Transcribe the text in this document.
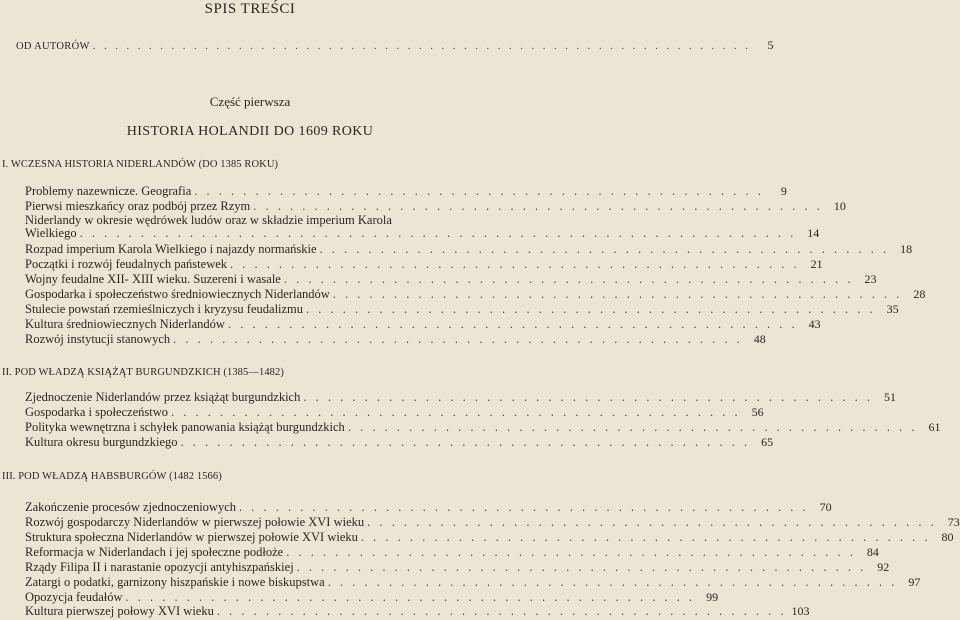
SPIS TREŚCI
OD AUTORÓW . . . . . . . . . . . . . . . . . . . . . . . . . . . . . . . . . . . . . . . . . . . . . . . . . . . . . . . . . . .	5
Część pierwsza
HISTORIA HOLANDII DO 1609 ROKU
I. WCZESNA HISTORIA NIDERLANDÓW (DO 1385 ROKU)
Problemy nazewnicze. Geografia . . . . . . . . . . . . . . . . . . . . . . . . . . . . . . . . . . . . . . . . . . . . . . .	9
Pierwsi mieszkańcy oraz podbój przez Rzym . . . . . . . . . . . . . . . . . . . . . . . . . . . . . . . . . . . . . . . . . . . . . . . 10
Niderlandy w okresie wędrówek ludów oraz w składzie imperium Karola
Wielkiego . . . . . . . . . . . . . . . . . . . . . . . . . . . . . . . . . . . . . . . . . . . . . . . . . . . . . . . . . . . 14
Rozpad imperium Karola Wielkiego i najazdy normańskie . . . . . . . . . . . . . . . . . . . . . . . . . . . . . . . . . . . . . . . . . . . . . . . 18
Początki i rozwój feudalnych państewek . . . . . . . . . . . . . . . . . . . . . . . . . . . . . . . . . . . . . . . . . . . . . . . 21
Wojny feudalne XII- XIII wieku. Suzereni i wasale . . . . . . . . . . . . . . . . . . . . . . . . . . . . . . . . . . . . . . . . . . . . . . . 23
Gospodarka i społeczeństwo średniowiecznych Niderlandów . . . . . . . . . . . . . . . . . . . . . . . . . . . . . . . . . . . . . . . . . . . . . . . 28
Stulecie powstań rzemieślniczych i kryzysu feudalizmu . . . . . . . . . . . . . . . . . . . . . . . . . . . . . . . . . . . . . . . . . . . . . . . 35
Kultura średniowiecznych Niderlandów . . . . . . . . . . . . . . . . . . . . . . . . . . . . . . . . . . . . . . . . . . . . . . . 43
Rozwój instytucji stanowych . . . . . . . . . . . . . . . . . . . . . . . . . . . . . . . . . . . . . . . . . . . . . . . 48
II. POD WŁADZĄ KSIĄŻĄT BURGUNDZKICH (1385—1482)
Zjednoczenie Niderlandów przez książąt burgundzkich . . . . . . . . . . . . . . . . . . . . . . . . . . . . . . . . . . . . . . . . . . . . . . . 51
Gospodarka i społeczeństwo . . . . . . . . . . . . . . . . . . . . . . . . . . . . . . . . . . . . . . . . . . . . . . . 56
Polityka wewnętrzna i schyłek panowania książąt burgundzkich . . . . . . . . . . . . . . . . . . . . . . . . . . . . . . . . . . . . . . . . . . . . . . . 61
Kultura okresu burgundzkiego . . . . . . . . . . . . . . . . . . . . . . . . . . . . . . . . . . . . . . . . . . . . . . . 65
III. POD WŁADZĄ HABSBURGÓW (1482 1566)
Zakończenie procesów zjednoczeniowych . . . . . . . . . . . . . . . . . . . . . . . . . . . . . . . . . . . . . . . . . . . . . . . 70
Rozwój gospodarczy Niderlandów w pierwszej połowie XVI wieku . . . . . . . . . . . . . . . . . . . . . . . . . . . . . . . . . . . . . . . . . . . . . . . 73
Struktura społeczna Niderlandów w pierwszej połowie XVI wieku . . . . . . . . . . . . . . . . . . . . . . . . . . . . . . . . . . . . . . . . . . . . . . . 80
Reformacja w Niderlandach i jej społeczne podłoże . . . . . . . . . . . . . . . . . . . . . . . . . . . . . . . . . . . . . . . . . . . . . . . 84
Rządy Filipa II i narastanie opozycji antyhiszpańskiej . . . . . . . . . . . . . . . . . . . . . . . . . . . . . . . . . . . . . . . . . . . . . . . 92
Zatargi o podatki, garnizony hiszpańskie i nowe biskupstwa . . . . . . . . . . . . . . . . . . . . . . . . . . . . . . . . . . . . . . . . . . . . . . . 97
Opozycja feudałów . . . . . . . . . . . . . . . . . . . . . . . . . . . . . . . . . . . . . . . . . . . . . . . 99
Kultura pierwszej połowy XVI wieku . . . . . . . . . . . . . . . . . . . . . . . . . . . . . . . . . . . . . . . . . . . . . . . 103
